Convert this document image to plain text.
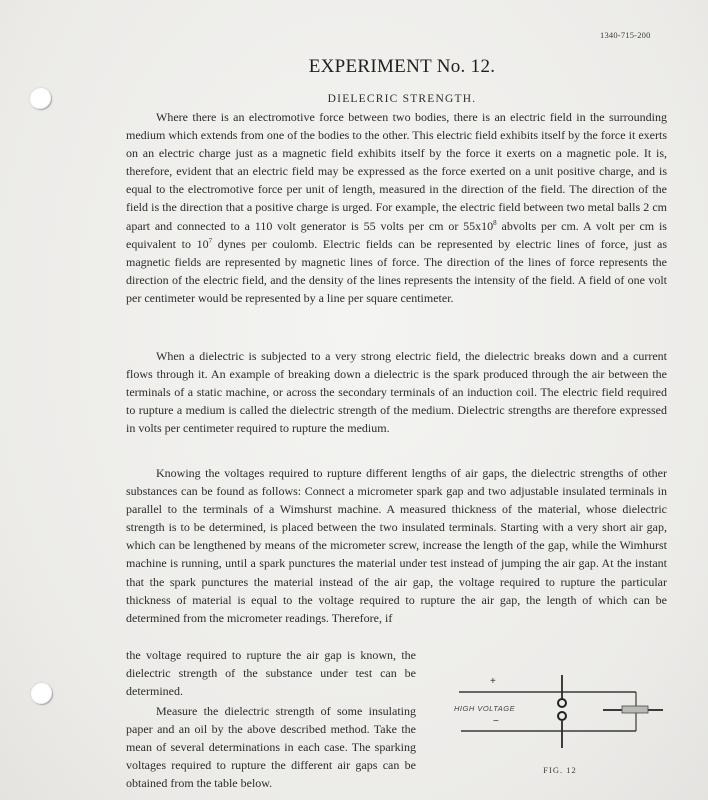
1340-715-200
EXPERIMENT No. 12.
DIELECRIC STRENGTH.
Where there is an electromotive force between two bodies, there is an electric field in the surrounding medium which extends from one of the bodies to the other. This electric field exhibits itself by the force it exerts on an electric charge just as a magnetic field exhibits itself by the force it exerts on a magnetic pole. It is, therefore, evident that an electric field may be expressed as the force exerted on a unit positive charge, and is equal to the electromotive force per unit of length, measured in the direction of the field. The direction of the field is the direction that a positive charge is urged. For example, the electric field between two metal balls 2 cm apart and connected to a 110 volt generator is 55 volts per cm or $55x10^8$ abvolts per cm. A volt per cm is equivalent to $10^7$ dynes per coulomb. Electric fields can be represented by electric lines of force, just as magnetic fields are represented by magnetic lines of force. The direction of the lines of force represents the direction of the electric field, and the density of the lines represents the intensity of the field. A field of one volt per centimeter would be represented by a line per square centimeter.
When a dielectric is subjected to a very strong electric field, the dielectric breaks down and a current flows through it. An example of breaking down a dielectric is the spark produced through the air between the terminals of a static machine, or across the secondary terminals of an induction coil. The electric field required to rupture a medium is called the dielectric strength of the medium. Dielectric strengths are therefore expressed in volts per centimeter required to rupture the medium.
Knowing the voltages required to rupture different lengths of air gaps, the dielectric strengths of other substances can be found as follows: Connect a micrometer spark gap and two adjustable insulated terminals in parallel to the terminals of a Wimshurst machine. A measured thickness of the material, whose dielectric strength is to be determined, is placed between the two insulated terminals. Starting with a very short air gap, which can be lengthened by means of the micrometer screw, increase the length of the gap, while the Wimhurst machine is running, until a spark punctures the material under test instead of jumping the air gap. At the instant that the spark punctures the material instead of the air gap, the voltage required to rupture the particular thickness of material is equal to the voltage required to rupture the air gap, the length of which can be determined from the micrometer readings. Therefore, if
the voltage required to rupture the air gap is known, the dielectric strength of the substance under test can be determined.
Measure the dielectric strength of some insulating paper and an oil by the above described method. Take the mean of several determinations in each case. The sparking voltages required to rupture the different air gaps can be obtained from the table below.
+
−
HIGH VOLTAGE
FIG. 12
